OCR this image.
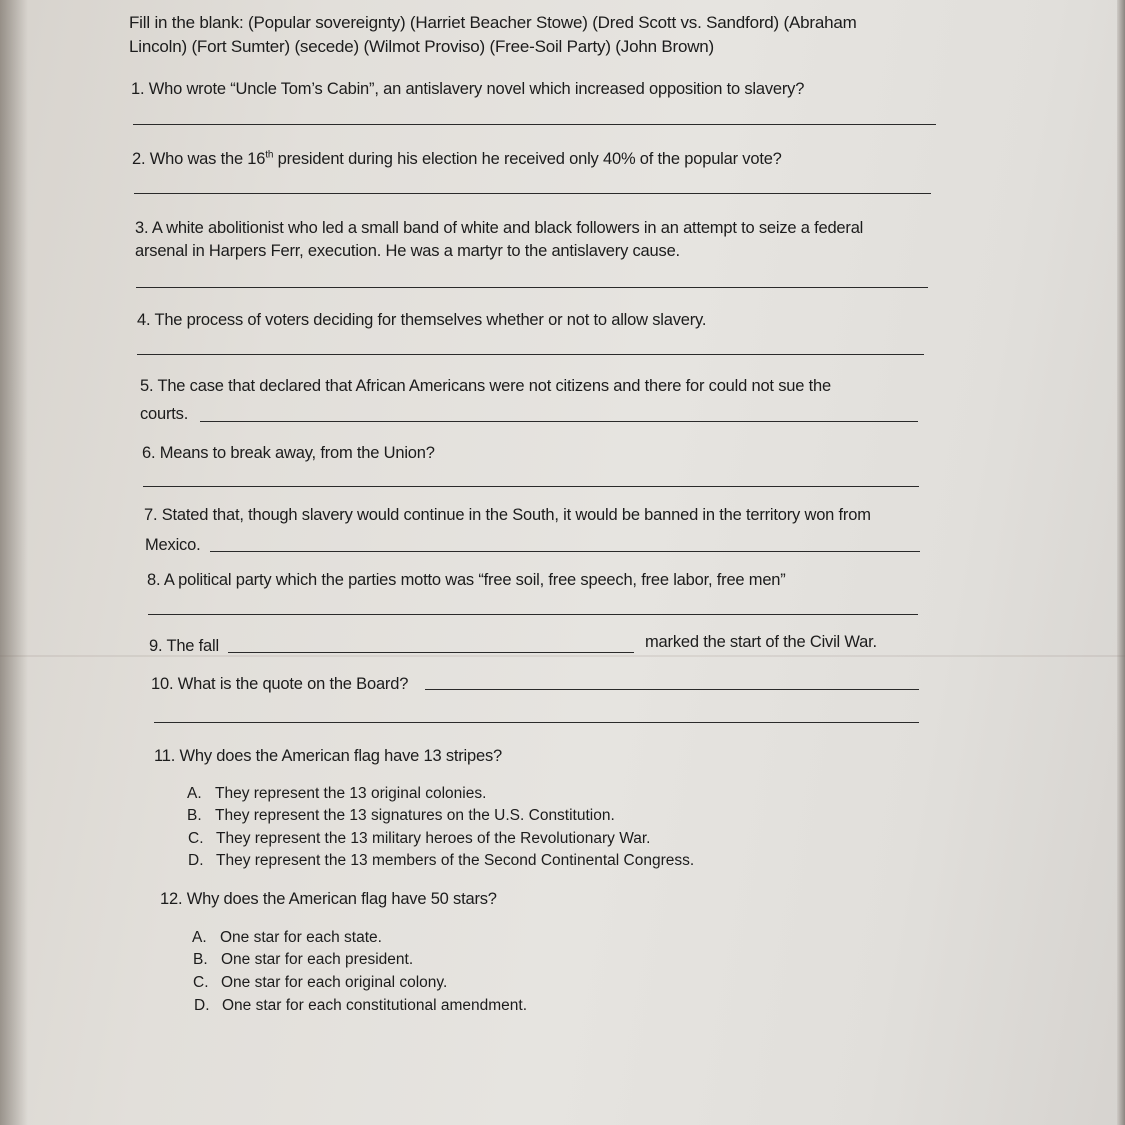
Fill in the blank: (Popular sovereignty) (Harriet Beacher Stowe) (Dred Scott vs. Sandford) (Abraham
Lincoln) (Fort Sumter) (secede) (Wilmot Proviso) (Free-Soil Party) (John Brown)
1. Who wrote “Uncle Tom’s Cabin”, an antislavery novel which increased opposition to slavery?
2. Who was the 16th president during his election he received only 40% of the popular vote?
3. A white abolitionist who led a small band of white and black followers in an attempt to seize a federal
arsenal in Harpers Ferr, execution. He was a martyr to the antislavery cause.
4. The process of voters deciding for themselves whether or not to allow slavery.
5. The case that declared that African Americans were not citizens and there for could not sue the
courts.
6. Means to break away, from the Union?
7. Stated that, though slavery would continue in the South, it would be banned in the territory won from
Mexico.
8. A political party which the parties motto was “free soil, free speech, free labor, free men”
9. The fall	marked the start of the Civil War.
10. What is the quote on the Board?
11. Why does the American flag have 13 stripes?
A. They represent the 13 original colonies.
B. They represent the 13 signatures on the U.S. Constitution.
C. They represent the 13 military heroes of the Revolutionary War.
D. They represent the 13 members of the Second Continental Congress.
12. Why does the American flag have 50 stars?
A. One star for each state.
B. One star for each president.
C. One star for each original colony.
D. One star for each constitutional amendment.
